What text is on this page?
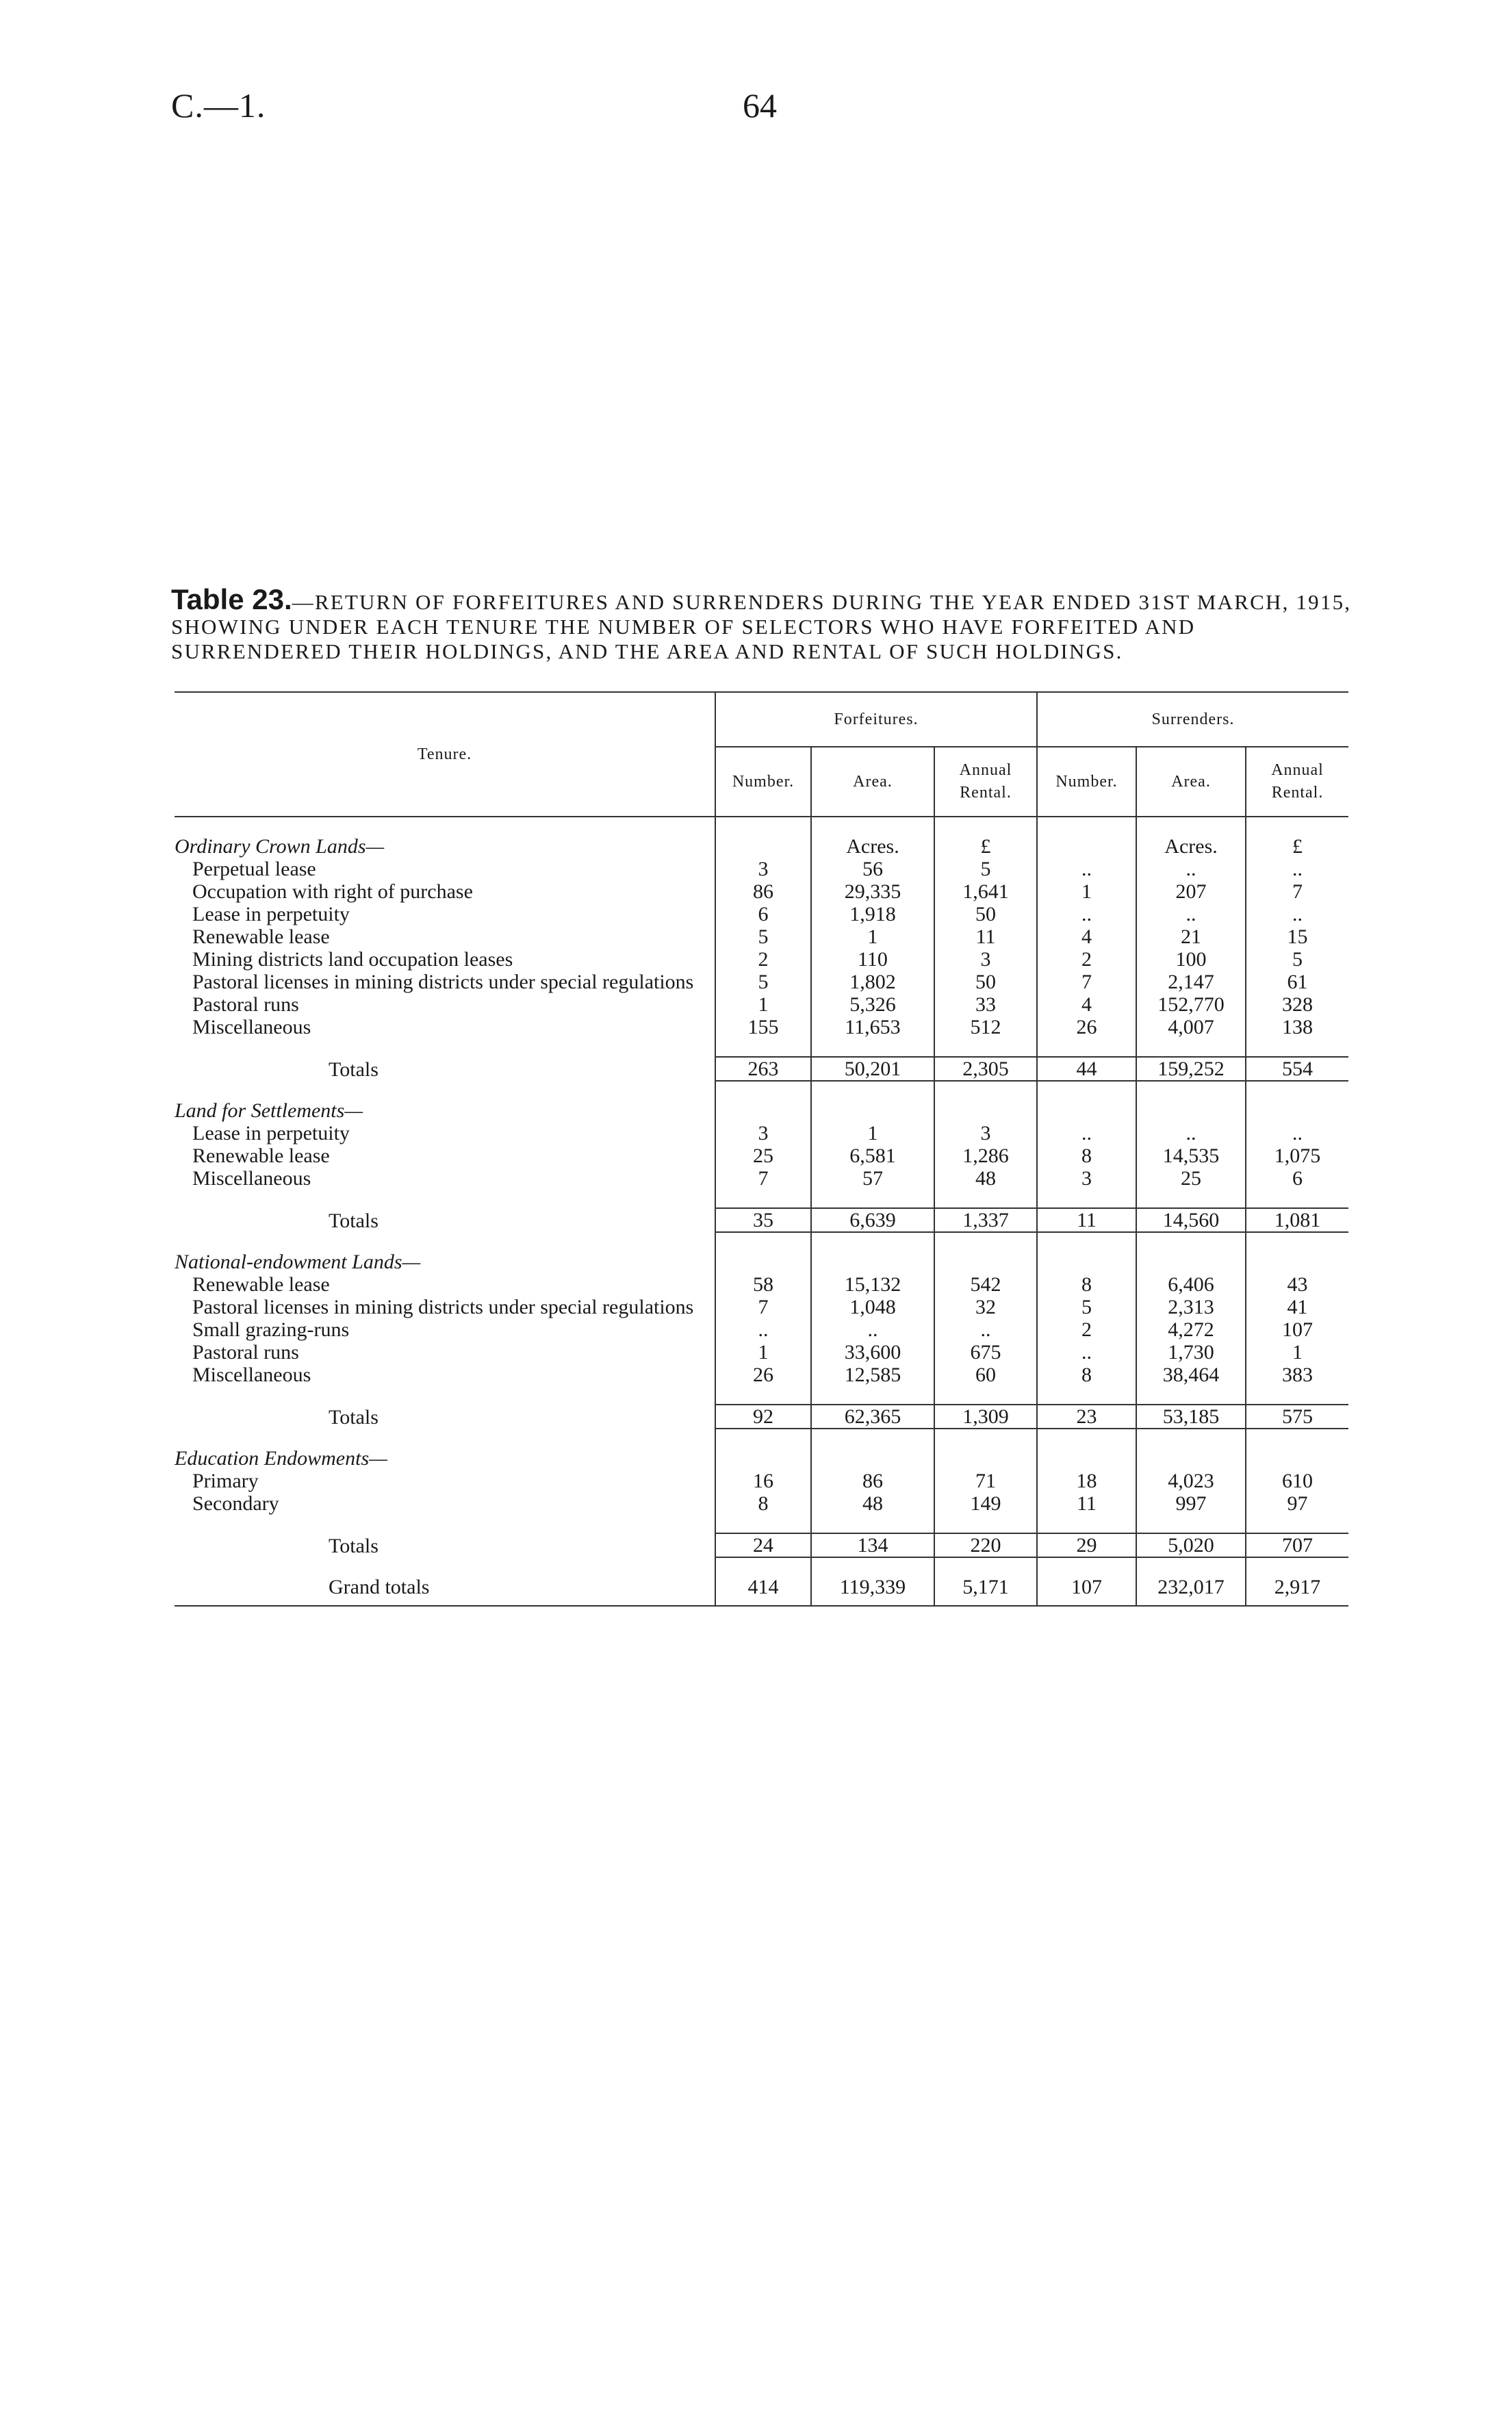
C.—1.	64
Table 23.—RETURN OF FORFEITURES AND SURRENDERS DURING THE YEAR ENDED 31ST MARCH, 1915, SHOWING UNDER EACH TENURE THE NUMBER OF SELECTORS WHO HAVE FORFEITED AND SURRENDERED THEIR HOLDINGS, AND THE AREA AND RENTAL OF SUCH HOLDINGS.
Tenure.	Forfeitures.			Surrenders.		
	Number.	Area.	Annual Rental.	Number.	Area.	Annual Rental.

Ordinary Crown Lands—		Acres.	£		Acres.	£
Perpetual lease	3	56	5	..	..	..
Occupation with right of purchase	86	29,335	1,641	1	207	7
Lease in perpetuity	6	1,918	50	..	..	..
Renewable lease	5	1	11	4	21	15
Mining districts land occupation leases	2	110	3	2	100	5
Pastoral licenses in mining districts under special regulations	5	1,802	50	7	2,147	61
Pastoral runs	1	5,326	33	4	152,770	328
Miscellaneous	155	11,653	512	26	4,007	138

Totals	263	50,201	2,305	44	159,252	554

Land for Settlements—						
Lease in perpetuity	3	1	3	..	..	..
Renewable lease	25	6,581	1,286	8	14,535	1,075
Miscellaneous	7	57	48	3	25	6

Totals	35	6,639	1,337	11	14,560	1,081

National-endowment Lands—						
Renewable lease	58	15,132	542	8	6,406	43
Pastoral licenses in mining districts under special regulations	7	1,048	32	5	2,313	41
Small grazing-runs	..	..	..	2	4,272	107
Pastoral runs	1	33,600	675	..	1,730	1
Miscellaneous	26	12,585	60	8	38,464	383

Totals	92	62,365	1,309	23	53,185	575

Education Endowments—						
Primary	16	86	71	18	4,023	610
Secondary	8	48	149	11	997	97

Totals	24	134	220	29	5,020	707

Grand totals	414	119,339	5,171	107	232,017	2,917
